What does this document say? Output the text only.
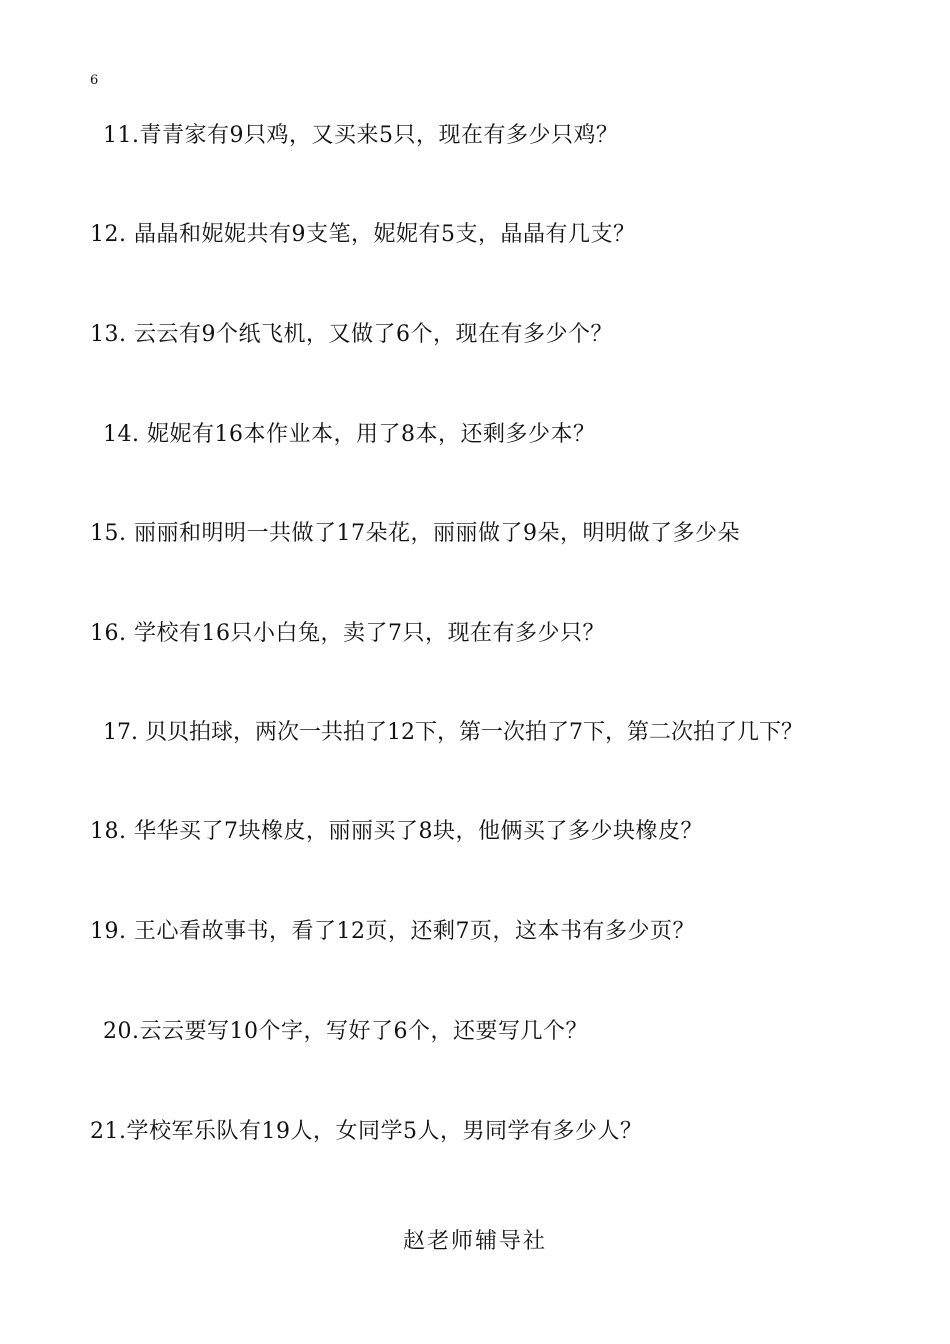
6
11.青青家有9只鸡，又买来5只，现在有多少只鸡？
12. 晶晶和妮妮共有9支笔，妮妮有5支，晶晶有几支？
13. 云云有9个纸飞机，又做了6个，现在有多少个？
14. 妮妮有16本作业本，用了8本，还剩多少本？
15. 丽丽和明明一共做了17朵花，丽丽做了9朵，明明做了多少朵
16. 学校有16只小白兔，卖了7只，现在有多少只？
17. 贝贝拍球，两次一共拍了12下，第一次拍了7下，第二次拍了几下？
18. 华华买了7块橡皮，丽丽买了8块，他俩买了多少块橡皮？
19. 王心看故事书，看了12页，还剩7页，这本书有多少页？
20.云云要写10个字，写好了6个，还要写几个？
21.学校军乐队有19人，女同学5人，男同学有多少人？
赵老师辅导社
